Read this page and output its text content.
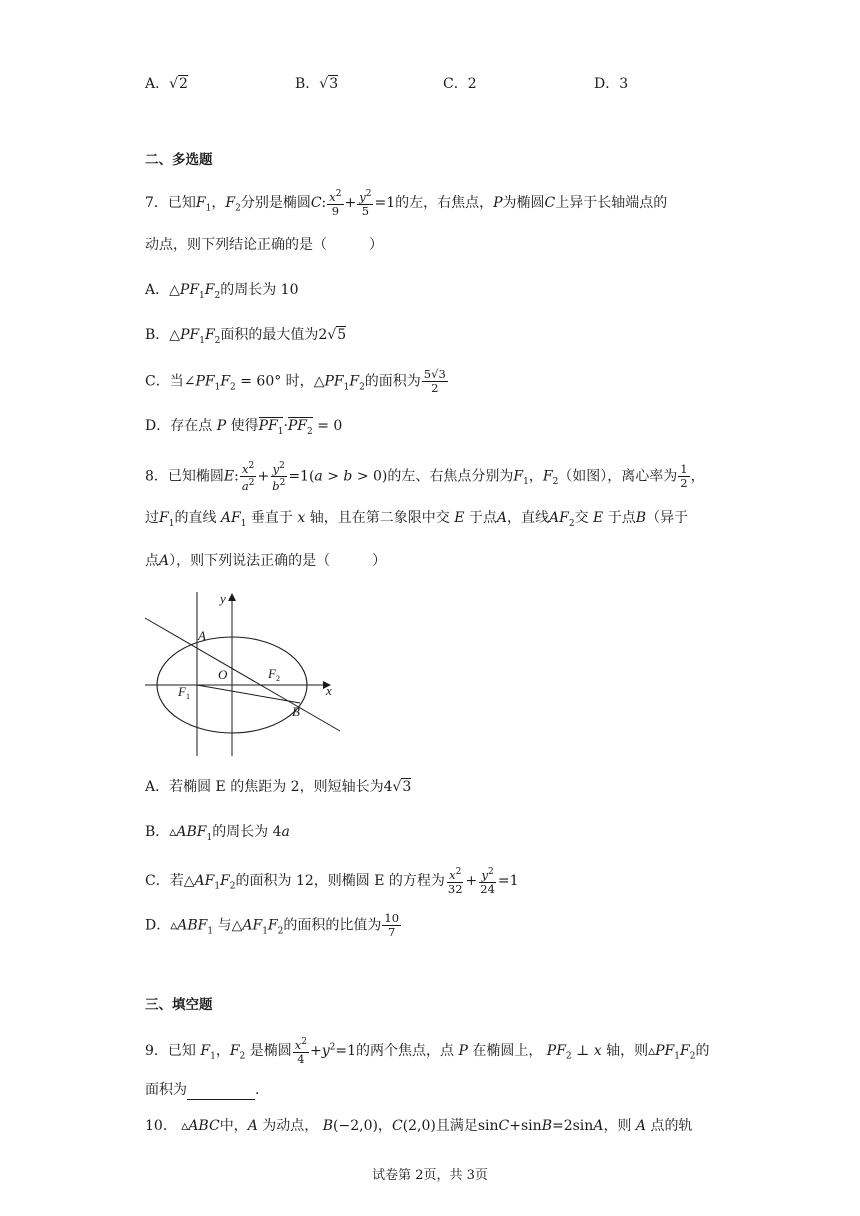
A．√2	B．√3	C．2	D．3
二、多选题
7．已知$F_1$，$F_2$分别是椭圆C: $\frac{x^2}{9} + \frac{y^2}{5} =1$的左，右焦点，P为椭圆C上异于长轴端点的
动点，则下列结论正确的是（　　　）
A．$\triangle PF_1F_2$的周长为 10
B．$\triangle PF_1F_2$面积的最大值为2√5
C．当$\angle PF_1F_2 = 60^\circ$ 时，$\triangle PF_1F_2$的面积为 $\frac{5√3}{2}$
D．存在点 P 使得$PF_1\cdot PF_2 = 0$
8．已知椭圆E: $\frac{x^2}{a^2} + \frac{y^2}{b^2} =1(a > b > 0)$的左、右焦点分别为$F_1$，$F_2$（如图），离心率为 $\frac{1}{2}$ ，
过$F_1$的直线 $AF_1$ 垂直于 x 轴，且在第二象限中交 E 于点A，直线$AF_2$交 E 于点B（异于
点A），则下列说法正确的是（　　　）
y
x
A
O
$F_1$
$F_2$
B
A．若椭圆 E 的焦距为 2，则短轴长为4√3
B．$▵ABF_1$的周长为 4a
C．若$\triangle AF_1F_2$的面积为 12，则椭圆 E 的方程为 $\frac{x^2}{32} + \frac{y^2}{24} =1$
D．$▵ABF_1$ 与$\triangle AF_1F_2$的面积的比值为 $\frac{10}{7}$
三、填空题
9．已知 $F_1$，$F_2$ 是椭圆 $\frac{x^2}{4} +y^2=1$的两个焦点，点 P 在椭圆上， $PF_2$ ⊥ x 轴，则$▵PF_1F_2$的
面积为	.
10． ▵ABC中，A 为动点， B(−2,0)，C(2,0)且满足sinC+sinB=2sinA，则 A 点的轨
试卷第 2页，共 3页
